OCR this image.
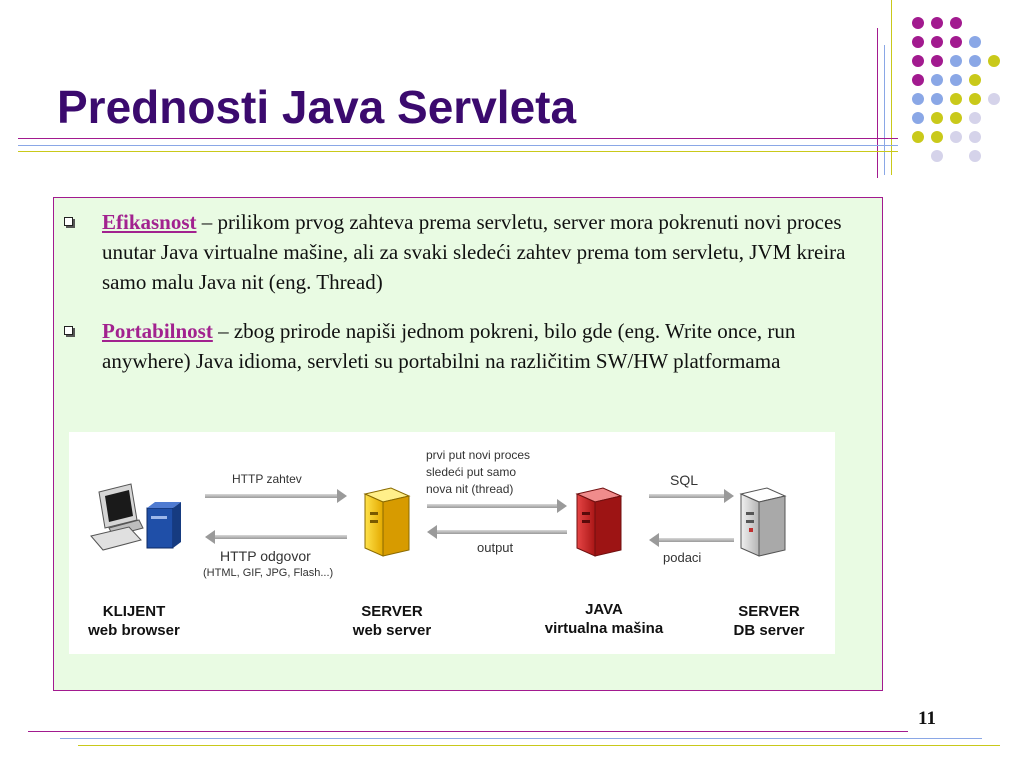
Prednosti Java Servleta
Efikasnost – prilikom prvog zahteva prema servletu, server mora pokrenuti novi proces unutar Java virtualne mašine, ali za svaki sledeći zahtev prema tom servletu, JVM kreira samo malu Java nit (eng. Thread)
Portabilnost – zbog prirode napiši jednom pokreni, bilo gde (eng. Write once, run anywhere) Java idioma, servleti su portabilni na različitim SW/HW platformama
HTTP zahtev
HTTP odgovor
(HTML, GIF, JPG, Flash...)
prvi put novi proces
sledeći put samo
nova nit (thread)
output
SQL
podaci
KLIJENT
web browser
SERVER
web server
JAVA
virtualna mašina
SERVER
DB server
11
